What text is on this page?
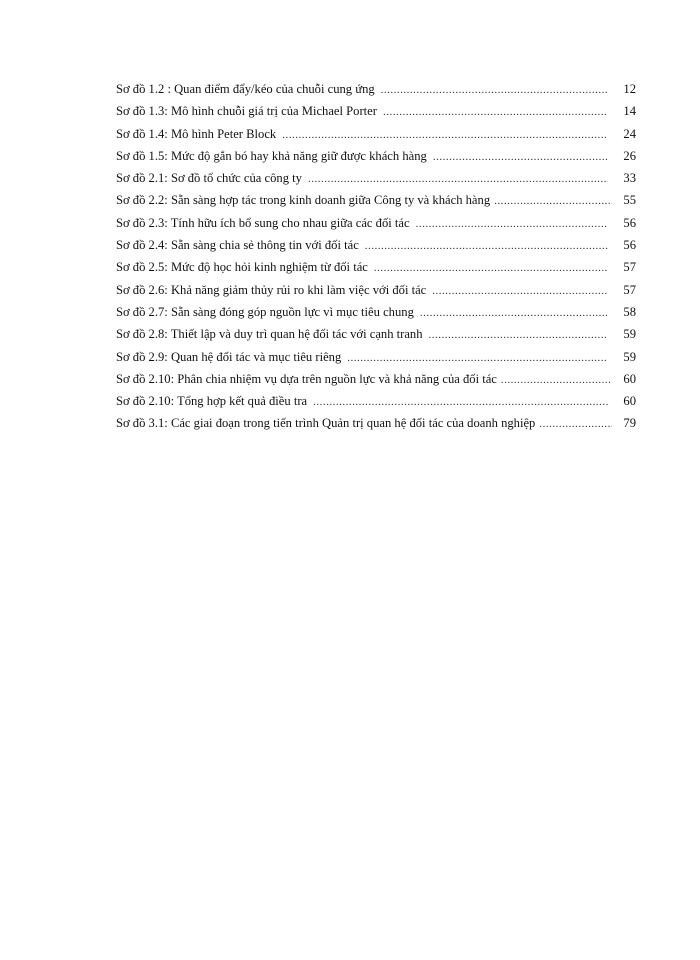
Sơ đồ 1.2 : Quan điểm đẩy/kéo của chuỗi cung ứng .....	12
Sơ đồ 1.3: Mô hình chuỗi giá trị của Michael Porter .....	14
Sơ đồ 1.4: Mô hình Peter Block .....	24
Sơ đồ 1.5: Mức độ gắn bó hay khả năng giữ được khách hàng .....	26
Sơ đồ 2.1: Sơ đồ tổ chức của công ty .....	33
Sơ đồ 2.2: Sẵn sàng hợp tác trong kinh doanh giữa Công ty và khách hàng .....	55
Sơ đồ 2.3: Tính hữu ích bổ sung cho nhau giữa các đối tác .....	56
Sơ đồ 2.4: Sẵn sàng chia sẻ thông tin với đối tác .....	56
Sơ đồ 2.5: Mức độ học hỏi kinh nghiệm từ đối tác .....	57
Sơ đồ 2.6: Khả năng giảm thủy rủi ro khi làm việc với đối tác .....	57
Sơ đồ 2.7: Sẵn sàng đóng góp nguồn lực vì mục tiêu chung .....	58
Sơ đồ 2.8: Thiết lập và duy trì quan hệ đối tác với cạnh tranh .....	59
Sơ đồ 2.9: Quan hệ đối tác và mục tiêu riêng .....	59
Sơ đồ 2.10: Phân chia nhiệm vụ dựa trên nguồn lực và khả năng của đối tác .....	60
Sơ đồ 2.10: Tổng hợp kết quả điều tra .....	60
Sơ đồ 3.1: Các giai đoạn trong tiến trình Quản trị quan hệ đối tác của doanh nghiệp .....	79
